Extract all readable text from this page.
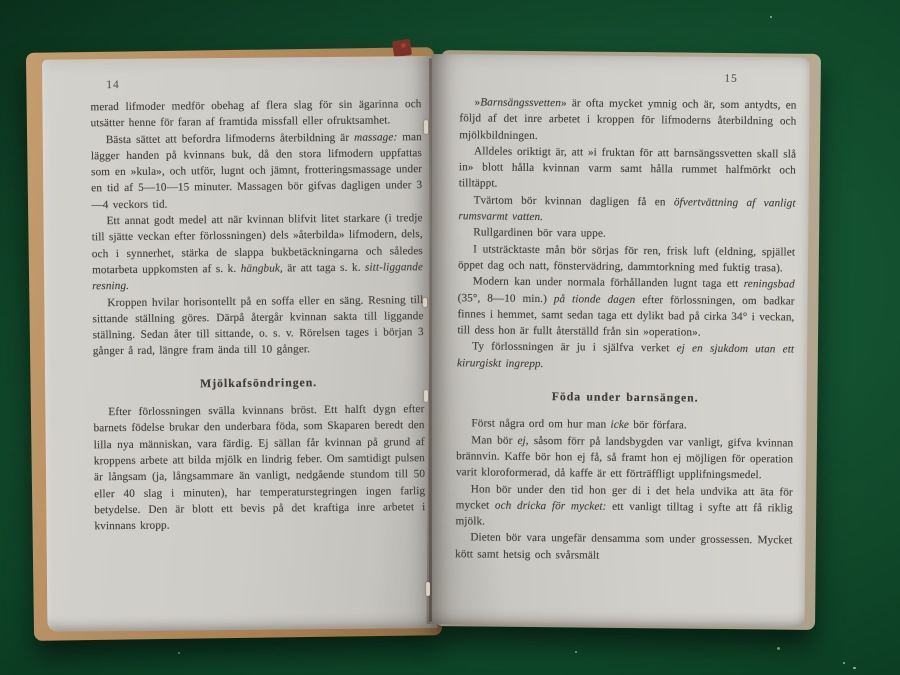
14

merad lifmoder medför obehag af flera slag för sin ägarinna och utsätter henne för faran af framtida missfall eller ofruktsamhet.

Bästa sättet att befordra lifmoderns återbildning är massage: man lägger handen på kvinnans buk, då den stora lifmodern uppfattas som en »kula», och utför, lugnt och jämnt, frotteringsmassage under en tid af 5—10—15 minuter. Massagen bör gifvas dagligen under 3—4 veckors tid.

Ett annat godt medel att när kvinnan blifvit litet starkare (i tredje till sjätte veckan efter förlossningen) dels »återbilda» lifmodern, dels, och i synnerhet, stärka de slappa bukbetäckningarna och således motarbeta uppkomsten af s. k. hängbuk, är att taga s. k. sitt-liggande resning.

Kroppen hvilar horisontellt på en soffa eller en säng. Resning till sittande ställning göres. Därpå återgår kvinnan sakta till liggande ställning. Sedan åter till sittande, o. s. v. Rörelsen tages i början 3 gånger å rad, längre fram ända till 10 gånger.

Mjölkafsöndringen.

Efter förlossningen svälla kvinnans bröst. Ett halft dygn efter barnets födelse brukar den underbara föda, som Skaparen beredt den lilla nya människan, vara färdig. Ej sällan får kvinnan på grund af kroppens arbete att bilda mjölk en lindrig feber. Om samtidigt pulsen är långsam (ja, långsammare än vanligt, nedgående stundom till 50 eller 40 slag i minuten), har temperaturstegringen ingen farlig betydelse. Den är blott ett bevis på det kraftiga inre arbetet i kvinnans kropp.

15

»Barnsängssvetten» är ofta mycket ymnig och är, som antydts, en följd af det inre arbetet i kroppen för lifmoderns återbildning och mjölkbildningen.

Alldeles oriktigt är, att »i fruktan för att barnsängssvetten skall slå in» blott hålla kvinnan varm samt hålla rummet halfmörkt och tilltäppt.

Tvärtom bör kvinnan dagligen få en öfvertvättning af vanligt rumsvarmt vatten.

Rullgardinen bör vara uppe.

I utsträcktaste mån bör sörjas för ren, frisk luft (eldning, spjället öppet dag och natt, fönstervädring, dammtorkning med fuktig trasa).

Modern kan under normala förhållanden lugnt taga ett reningsbad (35°, 8—10 min.) på tionde dagen efter förlossningen, om badkar finnes i hemmet, samt sedan taga ett dylikt bad på cirka 34° i veckan, till dess hon är fullt återställd från sin »operation».

Ty förlossningen är ju i själfva verket ej en sjukdom utan ett kirurgiskt ingrepp.

Föda under barnsängen.

Först några ord om hur man icke bör förfara.

Man bör ej, såsom förr på landsbygden var vanligt, gifva kvinnan brännvin. Kaffe bör hon ej få, så framt hon ej möjligen för operation varit kloroformerad, då kaffe är ett förträffligt upplifningsmedel.

Hon bör under den tid hon ger di i det hela undvika att äta för mycket och dricka för mycket: ett vanligt tilltag i syfte att få riklig mjölk.

Dieten bör vara ungefär densamma som under grossessen. Mycket kött samt hetsig och svårsmält
